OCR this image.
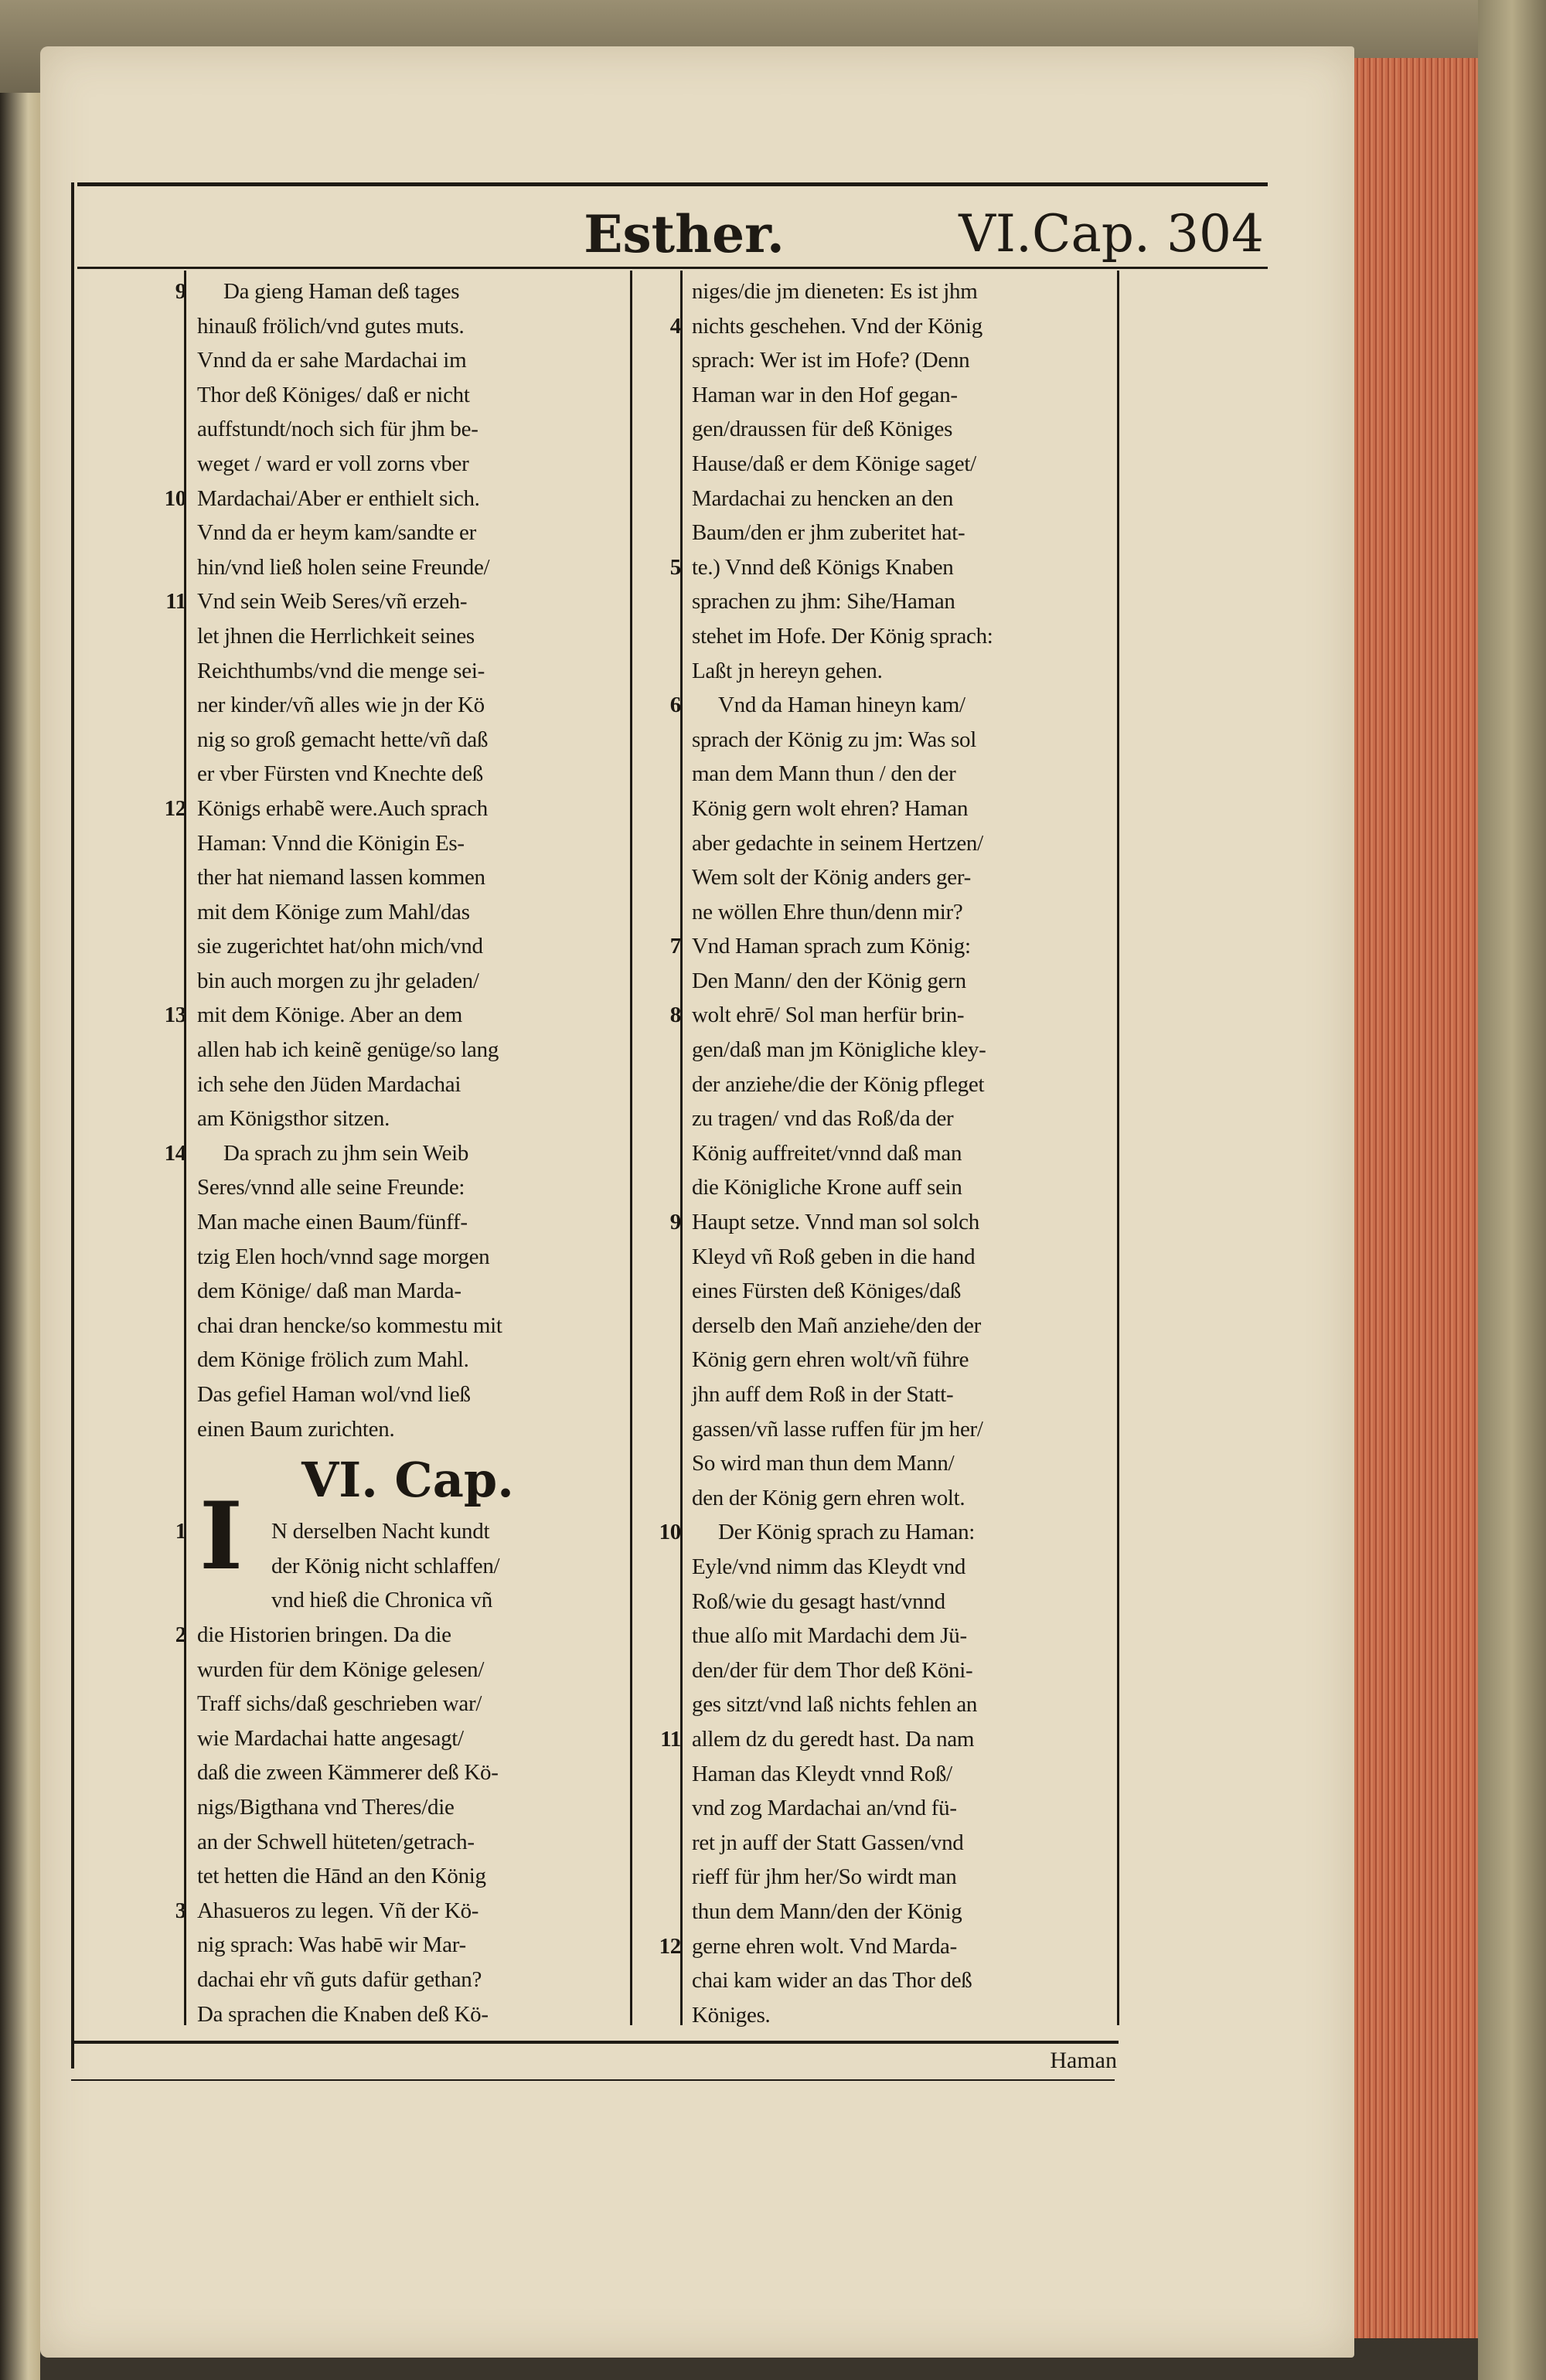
Esther.	VI.Cap. 304
9 Da gieng Haman deß tages
hinauß frölich/vnd gutes muts.
Vnnd da er sahe Mardachai im
Thor deß Königes/ daß er nicht
auffstundt/noch sich für jhm be-
weget / ward er voll zorns vber
10 Mardachai/Aber er enthielt sich.
Vnnd da er heym kam/sandte er
hin/vnd ließ holen seine Freunde/
11 Vnd sein Weib Seres/vñ erzeh-
let jhnen die Herrlichkeit seines
Reichthumbs/vnd die menge sei-
ner kinder/vñ alles wie jn der Kö
nig so groß gemacht hette/vñ daß
er vber Fürsten vnd Knechte deß
12 Königs erhabẽ were.Auch sprach
Haman: Vnnd die Königin Es-
ther hat niemand lassen kommen
mit dem Könige zum Mahl/das
sie zugerichtet hat/ohn mich/vnd
bin auch morgen zu jhr geladen/
13 mit dem Könige. Aber an dem
allen hab ich keinẽ genüge/so lang
ich sehe den Jüden Mardachai
am Königsthor sitzen.
14 Da sprach zu jhm sein Weib
Seres/vnnd alle seine Freunde:
Man mache einen Baum/fünff-
tzig Elen hoch/vnnd sage morgen
dem Könige/ daß man Marda-
chai dran hencke/so kommestu mit
dem Könige frölich zum Mahl.
Das gefiel Haman wol/vnd ließ
einen Baum zurichten.
VI. Cap.
1	N derselben Nacht kundt
der König nicht schlaffen/
vnd hieß die Chronica vñ
2 die Historien bringen. Da die
wurden für dem Könige gelesen/
Traff sichs/daß geschrieben war/
wie Mardachai hatte angesagt/
daß die zween Kämmerer deß Kö-
nigs/Bigthana vnd Theres/die
an der Schwell hüteten/getrach-
tet hetten die Hānd an den König
3 Ahasueros zu legen. Vñ der Kö-
nig sprach: Was habē wir Mar-
dachai ehr vñ guts dafür gethan?
Da sprachen die Knaben deß Kö-
I
niges/die jm dieneten: Es ist jhm
4 nichts geschehen. Vnd der König
sprach: Wer ist im Hofe? (Denn
Haman war in den Hof gegan-
gen/draussen für deß Königes
Hause/daß er dem Könige saget/
Mardachai zu hencken an den
Baum/den er jhm zuberitet hat-
5 te.) Vnnd deß Königs Knaben
sprachen zu jhm: Sihe/Haman
stehet im Hofe. Der König sprach:
Laßt jn hereyn gehen.
6 Vnd da Haman hineyn kam/
sprach der König zu jm: Was sol
man dem Mann thun / den der
König gern wolt ehren? Haman
aber gedachte in seinem Hertzen/
Wem solt der König anders ger-
ne wöllen Ehre thun/denn mir?
7 Vnd Haman sprach zum König:
Den Mann/ den der König gern
8 wolt ehrē/ Sol man herfür brin-
gen/daß man jm Königliche kley-
der anziehe/die der König pfleget
zu tragen/ vnd das Roß/da der
König auffreitet/vnnd daß man
die Königliche Krone auff sein
9 Haupt setze. Vnnd man sol solch
Kleyd vñ Roß geben in die hand
eines Fürsten deß Königes/daß
derselb den Mañ anziehe/den der
König gern ehren wolt/vñ führe
jhn auff dem Roß in der Statt-
gassen/vñ lasse ruffen für jm her/
So wird man thun dem Mann/
den der König gern ehren wolt.
10 Der König sprach zu Haman:
Eyle/vnd nimm das Kleydt vnd
Roß/wie du gesagt hast/vnnd
thue alſo mit Mardachi dem Jü-
den/der für dem Thor deß Köni-
ges sitzt/vnd laß nichts fehlen an
11 allem dz du geredt hast. Da nam
Haman das Kleydt vnnd Roß/
vnd zog Mardachai an/vnd fü-
ret jn auff der Statt Gassen/vnd
rieff für jhm her/So wirdt man
thun dem Mann/den der König
12 gerne ehren wolt. Vnd Marda-
chai kam wider an das Thor deß
Königes.
Haman
